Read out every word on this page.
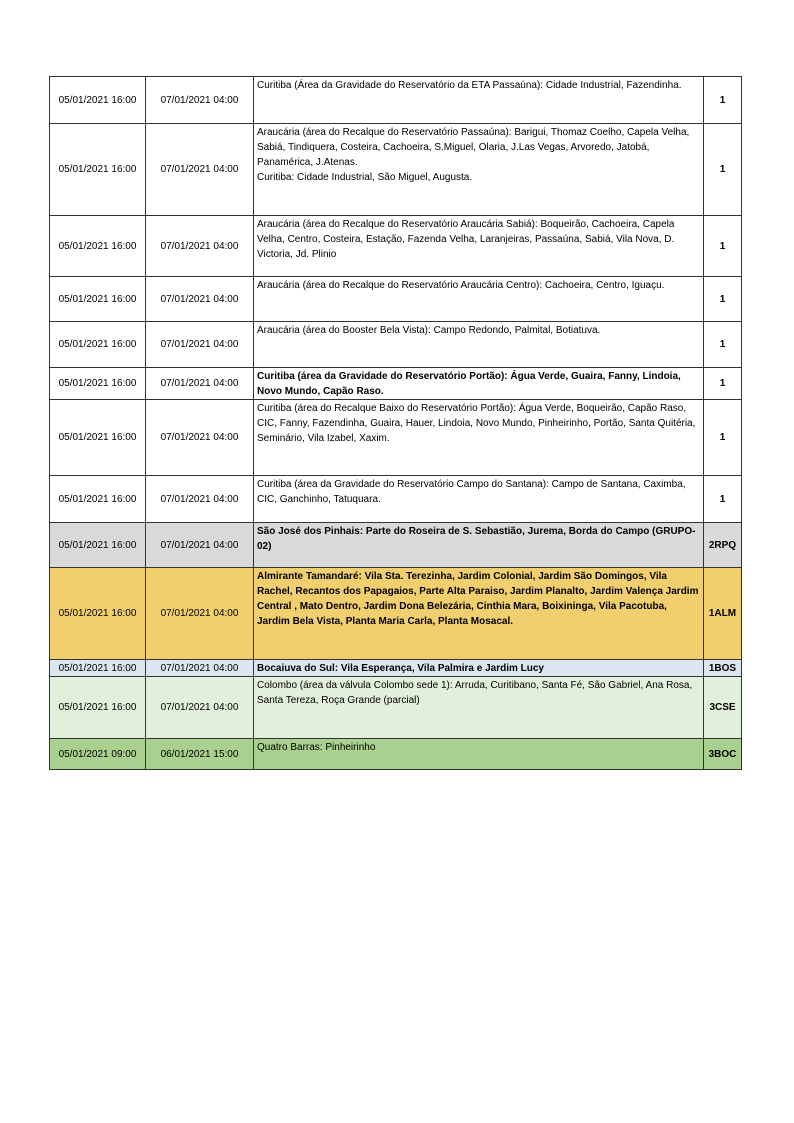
05/01/2021 16:00	07/01/2021 04:00	Curitiba (Área da Gravidade do Reservatório da ETA Passaúna): Cidade Industrial, Fazendinha.	1
05/01/2021 16:00	07/01/2021 04:00	Araucária (área do Recalque do Reservatório Passaúna): Barigui, Thomaz Coelho, Capela Velha, Sabiá, Tindiquera, Costeira, Cachoeira, S.Miguel, Olaria, J.Las Vegas, Arvoredo, Jatobá, Panamérica, J.Atenas.
Curitiba: Cidade Industrial, São Miguel, Augusta.	1
05/01/2021 16:00	07/01/2021 04:00	Araucária (área do Recalque do Reservatório Araucária Sabiá): Boqueirão, Cachoeira, Capela Velha, Centro, Costeira, Estação, Fazenda Velha, Laranjeiras, Passaúna, Sabiá, Vila Nova, D. Victoria, Jd. Plinio	1
05/01/2021 16:00	07/01/2021 04:00	Araucária (área do Recalque do Reservatório Araucária Centro): Cachoeira, Centro, Iguaçu.	1
05/01/2021 16:00	07/01/2021 04:00	Araucária (área do Booster Bela Vista): Campo Redondo, Palmital, Botiatuva.	1
05/01/2021 16:00	07/01/2021 04:00	Curitiba (área da Gravidade do Reservatório Portão): Água Verde, Guaira, Fanny, Lindoia, Novo Mundo, Capão Raso.	1
05/01/2021 16:00	07/01/2021 04:00	Curitiba (área do Recalque Baixo do Reservatório Portão): Água Verde, Boqueirão, Capão Raso, CIC, Fanny, Fazendinha, Guaira, Hauer, Lindoia, Novo Mundo, Pinheirinho, Portão, Santa Quitéria, Seminário, Vila Izabel, Xaxim.	1
05/01/2021 16:00	07/01/2021 04:00	Curitiba (área da Gravidade do Reservatório Campo do Santana): Campo de Santana, Caximba, CIC, Ganchinho, Tatuquara.	1
05/01/2021 16:00	07/01/2021 04:00	São José dos Pinhais: Parte do Roseira de S. Sebastião, Jurema, Borda do Campo (GRUPO-02)	2RPQ
05/01/2021 16:00	07/01/2021 04:00	Almirante Tamandaré: Vila Sta. Terezinha, Jardim Colonial, Jardim São Domingos, Vila Rachel, Recantos dos Papagaios, Parte Alta Paraiso, Jardim Planalto, Jardim Valença Jardim Central , Mato Dentro, Jardim Dona Belezária, Cinthia Mara, Boixininga, Vila Pacotuba, Jardim Bela Vista, Planta Maria Carla, Planta Mosacal.	1ALM
05/01/2021 16:00	07/01/2021 04:00	Bocaiuva do Sul: Vila Esperança, Vila Palmira e Jardim Lucy	1BOS
05/01/2021 16:00	07/01/2021 04:00	Colombo (área da válvula Colombo sede 1): Arruda, Curitibano, Santa Fé, São Gabriel, Ana Rosa, Santa Tereza, Roça Grande (parcial)	3CSE
05/01/2021 09:00	06/01/2021 15:00	Quatro Barras: Pinheirinho	3BOC
